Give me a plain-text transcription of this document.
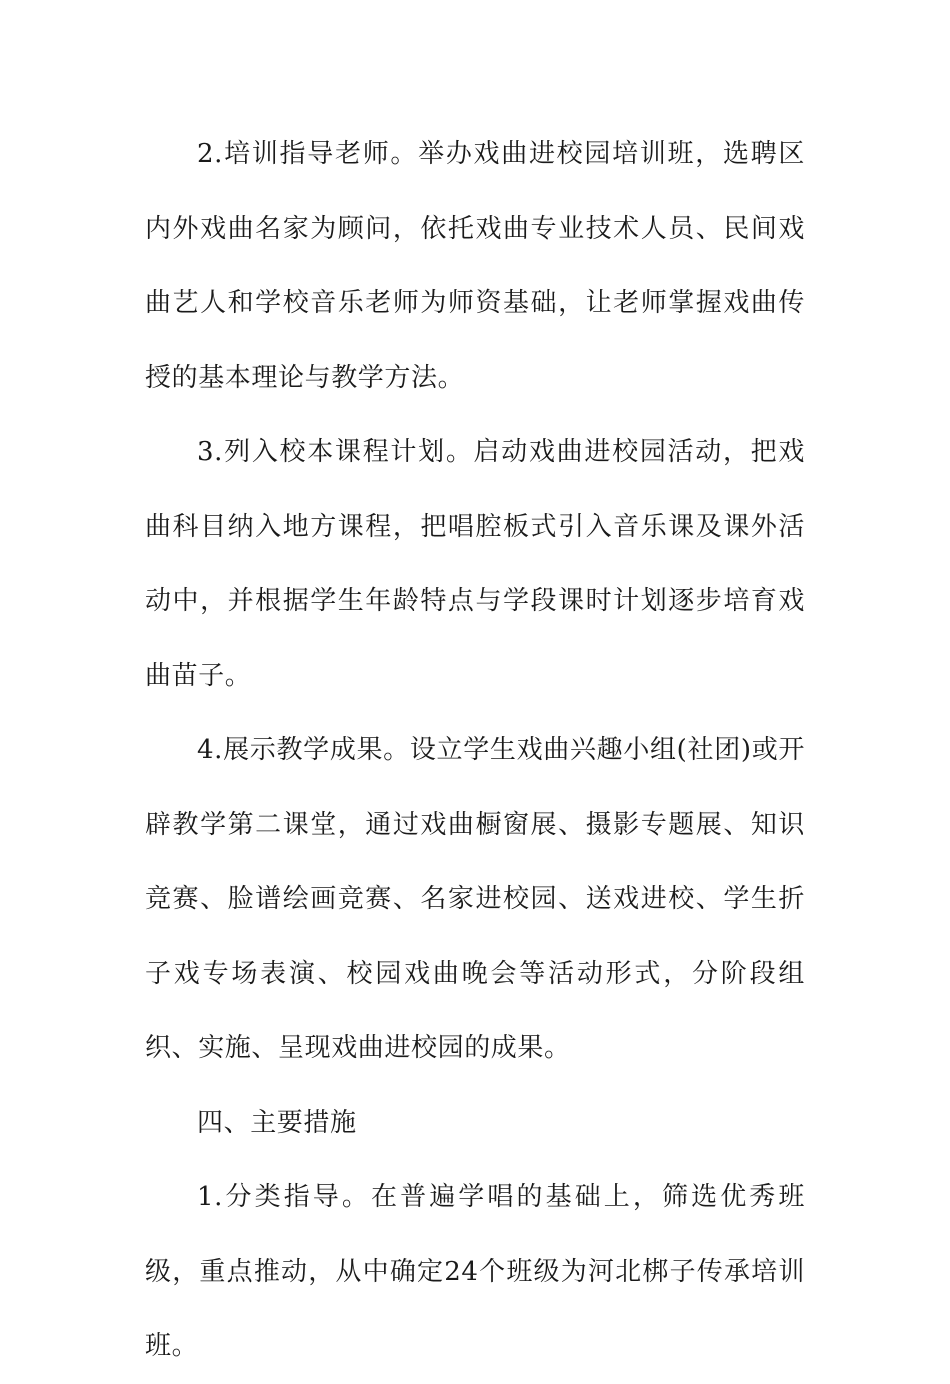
2.培训指导老师。举办戏曲进校园培训班，选聘区内外戏曲名家为顾问，依托戏曲专业技术人员、民间戏曲艺人和学校音乐老师为师资基础，让老师掌握戏曲传授的基本理论与教学方法。

3.列入校本课程计划。启动戏曲进校园活动，把戏曲科目纳入地方课程，把唱腔板式引入音乐课及课外活动中，并根据学生年龄特点与学段课时计划逐步培育戏曲苗子。

4.展示教学成果。设立学生戏曲兴趣小组(社团)或开辟教学第二课堂，通过戏曲橱窗展、摄影专题展、知识竞赛、脸谱绘画竞赛、名家进校园、送戏进校、学生折子戏专场表演、校园戏曲晚会等活动形式，分阶段组织、实施、呈现戏曲进校园的成果。

四、主要措施

1.分类指导。在普遍学唱的基础上，筛选优秀班级，重点推动，从中确定24个班级为河北梆子传承培训班。
